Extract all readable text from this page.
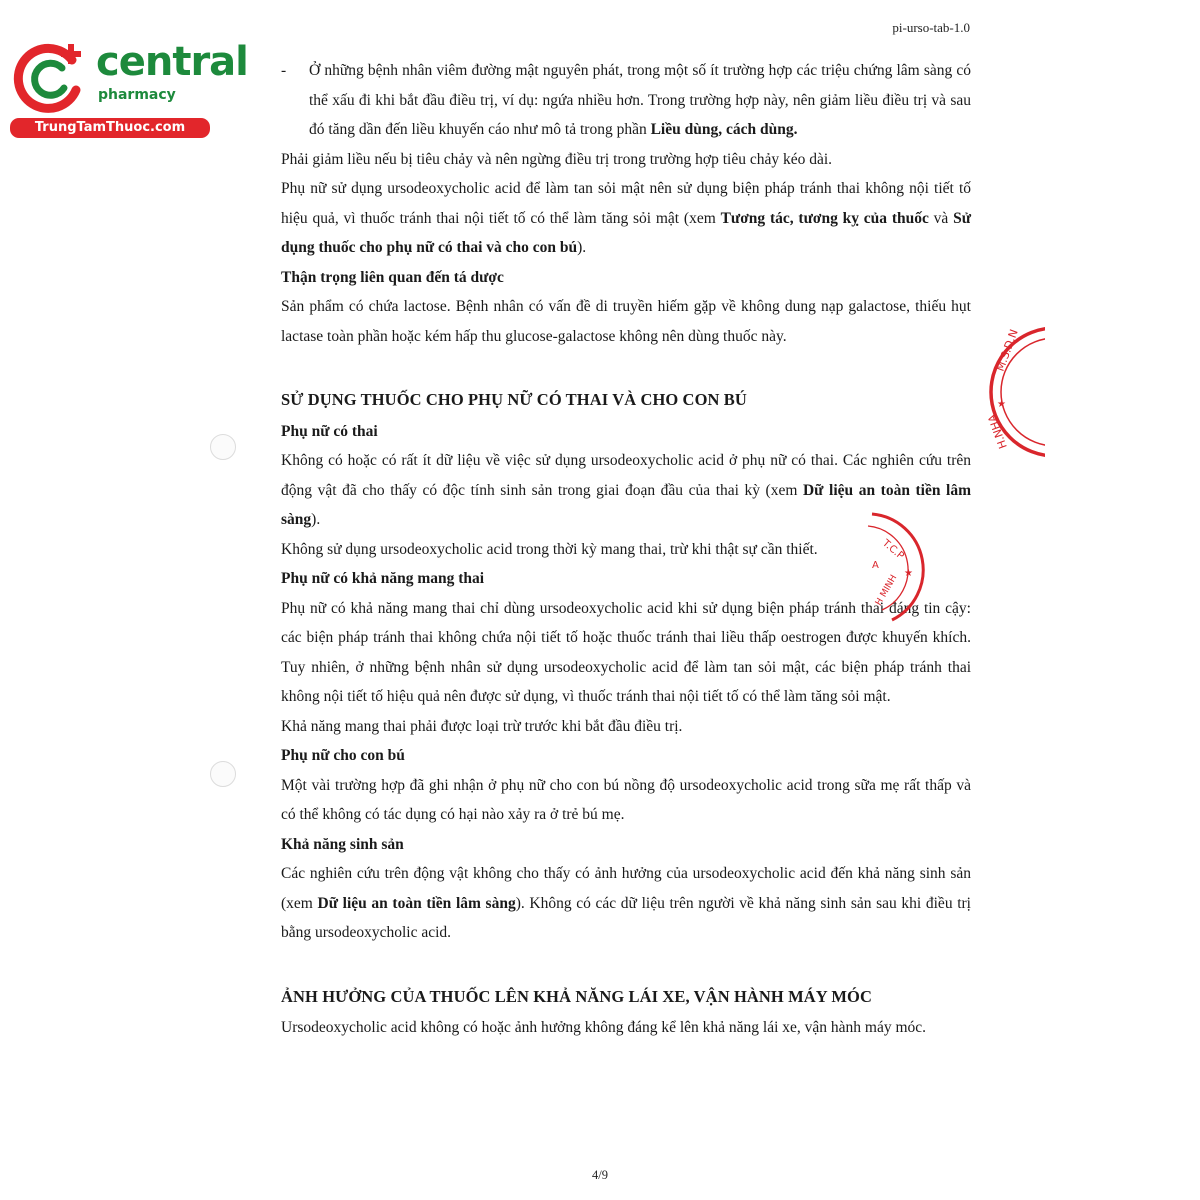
central
pharmacy
TrungTamThuoc.com
pi-urso-tab-1.0

- Ở những bệnh nhân viêm đường mật nguyên phát, trong một số ít trường hợp các triệu chứng lâm sàng có thể xấu đi khi bắt đầu điều trị, ví dụ: ngứa nhiều hơn. Trong trường hợp này, nên giảm liều điều trị và sau đó tăng dần đến liều khuyến cáo như mô tả trong phần Liều dùng, cách dùng.

Phải giảm liều nếu bị tiêu chảy và nên ngừng điều trị trong trường hợp tiêu chảy kéo dài.

Phụ nữ sử dụng ursodeoxycholic acid để làm tan sỏi mật nên sử dụng biện pháp tránh thai không nội tiết tố hiệu quả, vì thuốc tránh thai nội tiết tố có thể làm tăng sỏi mật (xem Tương tác, tương kỵ của thuốc và Sử dụng thuốc cho phụ nữ có thai và cho con bú).

Thận trọng liên quan đến tá dược

Sản phẩm có chứa lactose. Bệnh nhân có vấn đề di truyền hiếm gặp về không dung nạp galactose, thiếu hụt lactase toàn phần hoặc kém hấp thu glucose-galactose không nên dùng thuốc này.

SỬ DỤNG THUỐC CHO PHỤ NỮ CÓ THAI VÀ CHO CON BÚ

Phụ nữ có thai

Không có hoặc có rất ít dữ liệu về việc sử dụng ursodeoxycholic acid ở phụ nữ có thai. Các nghiên cứu trên động vật đã cho thấy có độc tính sinh sản trong giai đoạn đầu của thai kỳ (xem Dữ liệu an toàn tiền lâm sàng).

Không sử dụng ursodeoxycholic acid trong thời kỳ mang thai, trừ khi thật sự cần thiết.

Phụ nữ có khả năng mang thai

Phụ nữ có khả năng mang thai chỉ dùng ursodeoxycholic acid khi sử dụng biện pháp tránh thai đáng tin cậy: các biện pháp tránh thai không chứa nội tiết tố hoặc thuốc tránh thai liều thấp oestrogen được khuyến khích. Tuy nhiên, ở những bệnh nhân sử dụng ursodeoxycholic acid để làm tan sỏi mật, các biện pháp tránh thai không nội tiết tố hiệu quả nên được sử dụng, vì thuốc tránh thai nội tiết tố có thể làm tăng sỏi mật.

Khả năng mang thai phải được loại trừ trước khi bắt đầu điều trị.

Phụ nữ cho con bú

Một vài trường hợp đã ghi nhận ở phụ nữ cho con bú nồng độ ursodeoxycholic acid trong sữa mẹ rất thấp và có thể không có tác dụng có hại nào xảy ra ở trẻ bú mẹ.

Khả năng sinh sản

Các nghiên cứu trên động vật không cho thấy có ảnh hưởng của ursodeoxycholic acid đến khả năng sinh sản (xem Dữ liệu an toàn tiền lâm sàng). Không có các dữ liệu trên người về khả năng sinh sản sau khi điều trị bằng ursodeoxycholic acid.

ẢNH HƯỞNG CỦA THUỐC LÊN KHẢ NĂNG LÁI XE, VẬN HÀNH MÁY MÓC

Ursodeoxycholic acid không có hoặc ảnh hưởng không đáng kể lên khả năng lái xe, vận hành máy móc.

M.S.D.N
H.NHA
★
T.C.P
H MINH
A
★
4/9
